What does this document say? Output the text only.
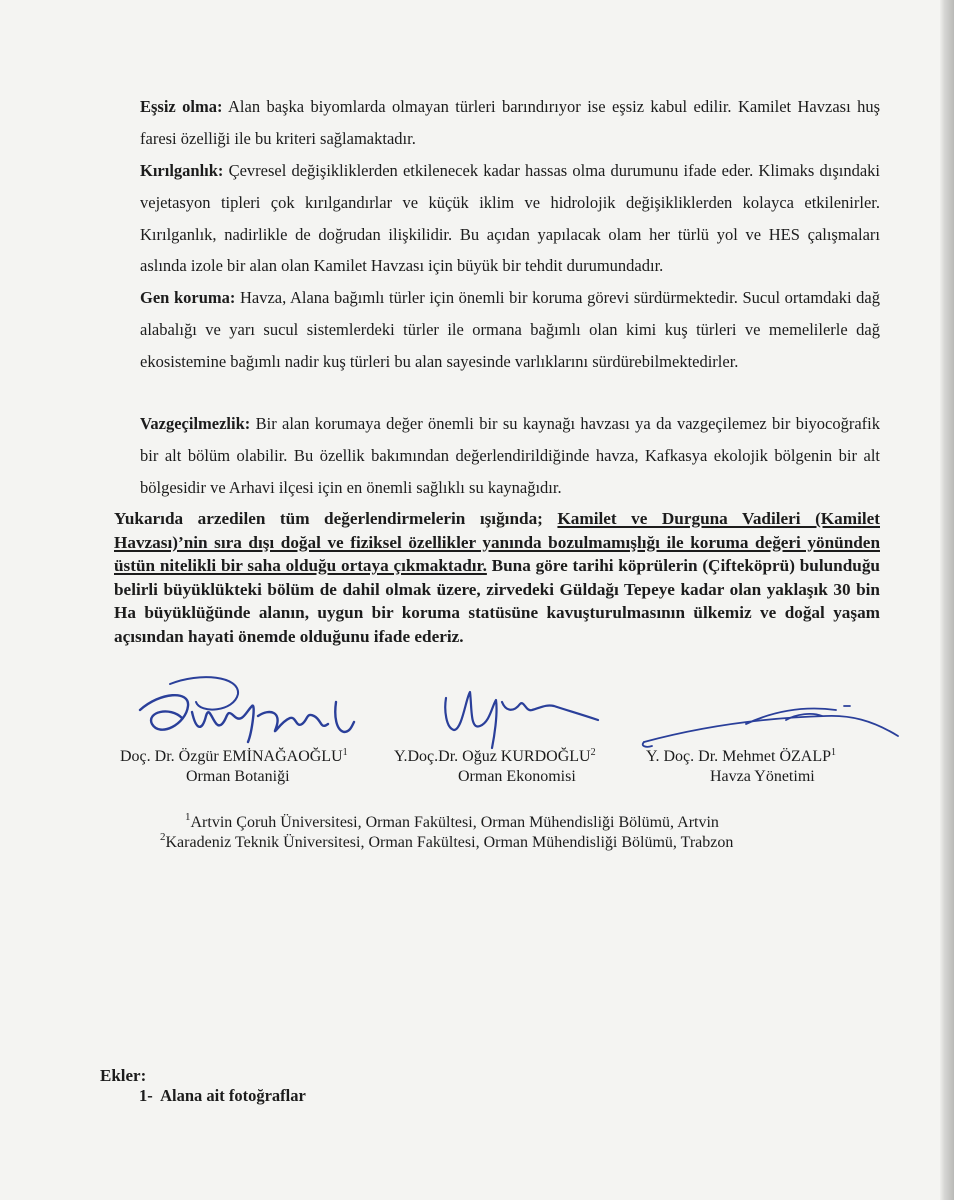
Eşsiz olma: Alan başka biyomlarda olmayan türleri barındırıyor ise eşsiz kabul edilir. Kamilet Havzası huş faresi özelliği ile bu kriteri sağlamaktadır.

Kırılganlık: Çevresel değişikliklerden etkilenecek kadar hassas olma durumunu ifade eder. Klimaks dışındaki vejetasyon tipleri çok kırılgandırlar ve küçük iklim ve hidrolojik değişikliklerden kolayca etkilenirler. Kırılganlık, nadirlikle de doğrudan ilişkilidir. Bu açıdan yapılacak olam her türlü yol ve HES çalışmaları aslında izole bir alan olan Kamilet Havzası için büyük bir tehdit durumundadır.

Gen koruma: Havza, Alana bağımlı türler için önemli bir koruma görevi sürdürmektedir. Sucul ortamdaki dağ alabalığı ve yarı sucul sistemlerdeki türler ile ormana bağımlı olan kimi kuş türleri ve memelilerle dağ ekosistemine bağımlı nadir kuş türleri bu alan sayesinde varlıklarını sürdürebilmektedirler.

Vazgeçilmezlik: Bir alan korumaya değer önemli bir su kaynağı havzası ya da vazgeçilemez bir biyocoğrafik bir alt bölüm olabilir. Bu özellik bakımından değerlendirildiğinde havza, Kafkasya ekolojik bölgenin bir alt bölgesidir ve Arhavi ilçesi için en önemli sağlıklı su kaynağıdır.

Yukarıda arzedilen tüm değerlendirmelerin ışığında; Kamilet ve Durguna Vadileri (Kamilet Havzası)’nin sıra dışı doğal ve fiziksel özellikler yanında bozulmamışlığı ile koruma değeri yönünden üstün nitelikli bir saha olduğu ortaya çıkmaktadır. Buna göre tarihi köprülerin (Çifteköprü) bulunduğu belirli büyüklükteki bölüm de dahil olmak üzere, zirvedeki Güldağı Tepeye kadar olan yaklaşık 30 bin Ha büyüklüğünde alanın, uygun bir koruma statüsüne kavuşturulmasının ülkemiz ve doğal yaşam açısından hayati önemde olduğunu ifade ederiz.

Doç. Dr. Özgür EMİNAĞAOĞLU$^1$
Orman Botaniği
Y.Doç.Dr. Oğuz KURDOĞLU$^2$
Orman Ekonomisi
Y. Doç. Dr. Mehmet ÖZALP$^1$
Havza Yönetimi
$^1$Artvin Çoruh Üniversitesi, Orman Fakültesi, Orman Mühendisliği Bölümü, Artvin
$^2$Karadeniz Teknik Üniversitesi, Orman Fakültesi, Orman Mühendisliği Bölümü, Trabzon
Ekler:
1-  Alana ait fotoğraflar
